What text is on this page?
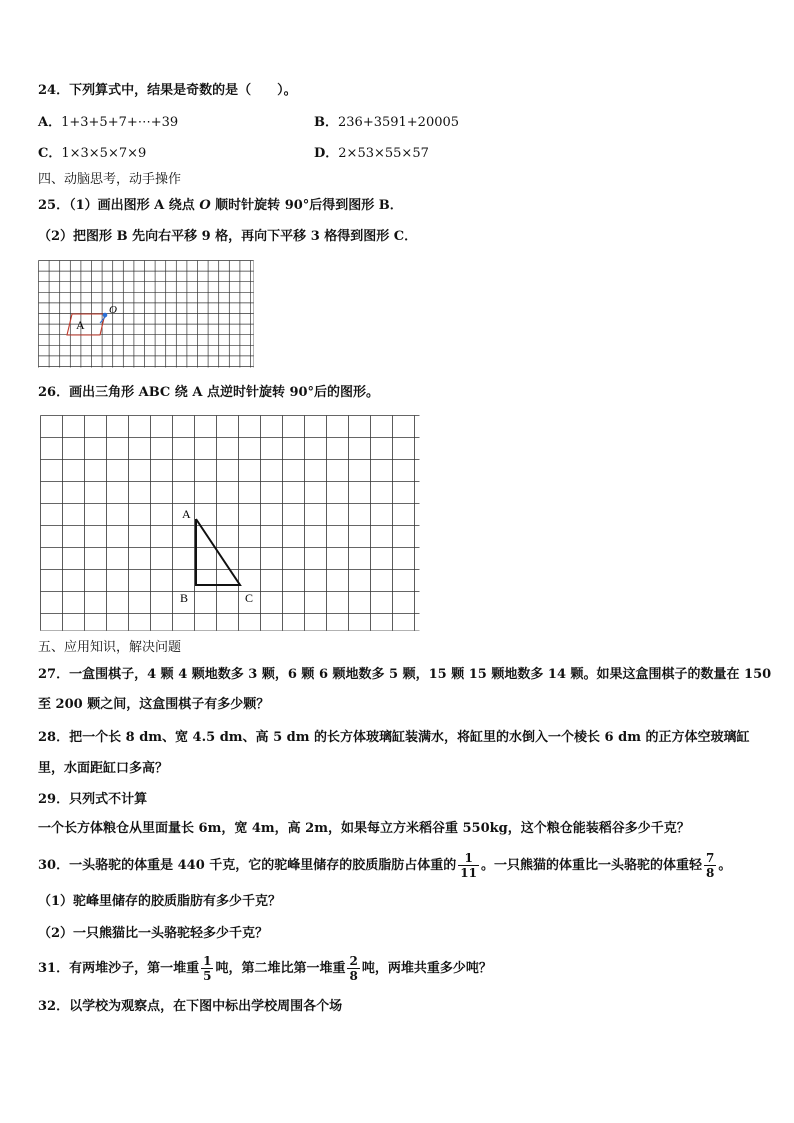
24．下列算式中，结果是奇数的是（　　）。
A．1+3+5+7+⋯+39	B．236+3591+20005
C．1×3×5×7×9	D．2×53×55×57
四、动脑思考，动手操作
25．（1）画出图形 A 绕点 O 顺时针旋转 90°后得到图形 B．
（2）把图形 B 先向右平移 9 格，再向下平移 3 格得到图形 C．
A
O
26．画出三角形 ABC 绕 A 点逆时针旋转 90°后的图形。
A
B	C
五、应用知识，解决问题
27．一盒围棋子，4 颗 4 颗地数多 3 颗，6 颗 6 颗地数多 5 颗，15 颗 15 颗地数多 14 颗。如果这盒围棋子的数量在 150
至 200 颗之间，这盒围棋子有多少颗？
28．把一个长 8 dm、宽 4.5 dm、高 5 dm 的长方体玻璃缸装满水，将缸里的水倒入一个棱长 6 dm 的正方体空玻璃缸
里，水面距缸口多高？
29．只列式不计算
一个长方体粮仓从里面量长 6m，宽 4m，高 2m，如果每立方米稻谷重 550kg，这个粮仓能装稻谷多少千克？
30．一头骆驼的体重是 440 千克，它的驼峰里储存的胶质脂肪占体重的 $\frac{1}{11}$ 。一只熊猫的体重比一头骆驼的体重轻 $\frac{7}{8}$ 。
（1）驼峰里储存的胶质脂肪有多少千克？
（2）一只熊猫比一头骆驼轻多少千克？
31．有两堆沙子，第一堆重 $\frac{1}{5}$ 吨，第二堆比第一堆重 $\frac{2}{8}$ 吨，两堆共重多少吨？
32．以学校为观察点，在下图中标出学校周围各个场
